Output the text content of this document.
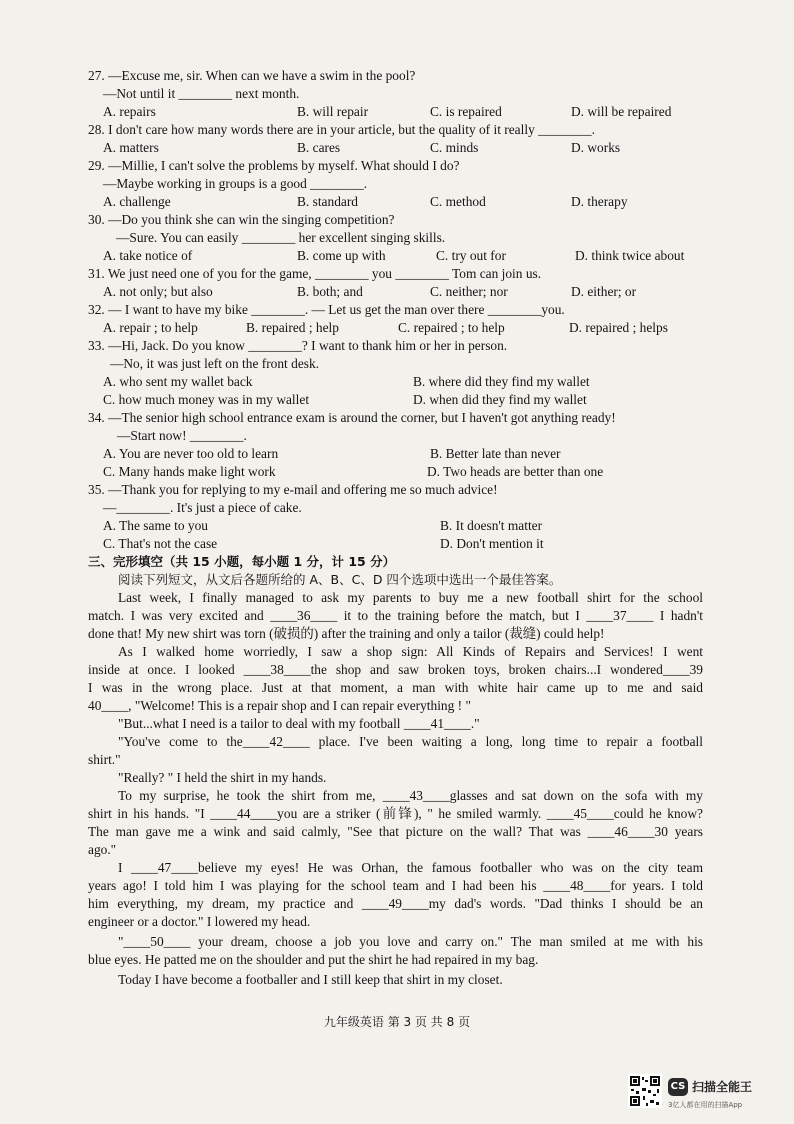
27. —Excuse me, sir. When can we have a swim in the pool?
—Not until it ________ next month.
A. repairs	B. will repair	C. is repaired	D. will be repaired
28. I don't care how many words there are in your article, but the quality of it really ________.
A. matters	B. cares	C. minds	D. works
29. —Millie, I can't solve the problems by myself. What should I do?
—Maybe working in groups is a good ________.
A. challenge	B. standard	C. method	D. therapy
30. —Do you think she can win the singing competition?
—Sure. You can easily ________ her excellent singing skills.
A. take notice of	B. come up with	C. try out for	D. think twice about
31. We just need one of you for the game, ________ you ________ Tom can join us.
A. not only; but also	B. both; and	C. neither; nor	D. either; or
32. — I want to have my bike ________. — Let us get the man over there ________you.
A. repair ; to help	B. repaired ; help	C. repaired ; to help	D. repaired ; helps
33. —Hi, Jack. Do you know ________? I want to thank him or her in person.
—No, it was just left on the front desk.
A. who sent my wallet back	B. where did they find my wallet
C. how much money was in my wallet	D. when did they find my wallet
34. —The senior high school entrance exam is around the corner, but I haven't got anything ready!
—Start now! ________.
A. You are never too old to learn	B. Better late than never
C. Many hands make light work	D. Two heads are better than one
35. —Thank you for replying to my e-mail and offering me so much advice!
—________. It's just a piece of cake.
A. The same to you	B. It doesn't matter
C. That's not the case	D. Don't mention it
三、完形填空（共 15 小题，每小题 1 分，计 15 分）
阅读下列短文，从文后各题所给的 A、B、C、D 四个选项中选出一个最佳答案。
Last week, I finally managed to ask my parents to buy me a new football shirt for the school
match. I was very excited and ____36____ it to the training before the match, but I ____37____ I hadn't
done that! My new shirt was torn (破损的) after the training and only a tailor (裁缝) could help!
As I walked home worriedly, I saw a shop sign: All Kinds of Repairs and Services! I went
inside at once. I looked ____38____the shop and saw broken toys, broken chairs...I wondered____39
I was in the wrong place. Just at that moment, a man with white hair came up to me and said
40____, "Welcome! This is a repair shop and I can repair everything ! "
"But...what I need is a tailor to deal with my football ____41____."
"You've come to the____42____ place. I've been waiting a long, long time to repair a football
shirt."
"Really? " I held the shirt in my hands.
To my surprise, he took the shirt from me, ____43____glasses and sat down on the sofa with my
shirt in his hands. "I ____44____you are a striker (前锋), " he smiled warmly. ____45____could he know?
The man gave me a wink and said calmly, "See that picture on the wall? That was ____46____30 years
ago."
I ____47____believe my eyes! He was Orhan, the famous footballer who was on the city team
years ago! I told him I was playing for the school team and I had been his ____48____for years. I told
him everything, my dream, my practice and ____49____my dad's words. "Dad thinks I should be an
engineer or a doctor." I lowered my head.
"____50____ your dream, choose a job you love and carry on." The man smiled at me with his
blue eyes. He patted me on the shoulder and put the shirt he had repaired in my bag.
Today I have become a footballer and I still keep that shirt in my closet.
九年级英语 第 3 页 共 8 页
CS 扫描全能王
3亿人都在用的扫描App
